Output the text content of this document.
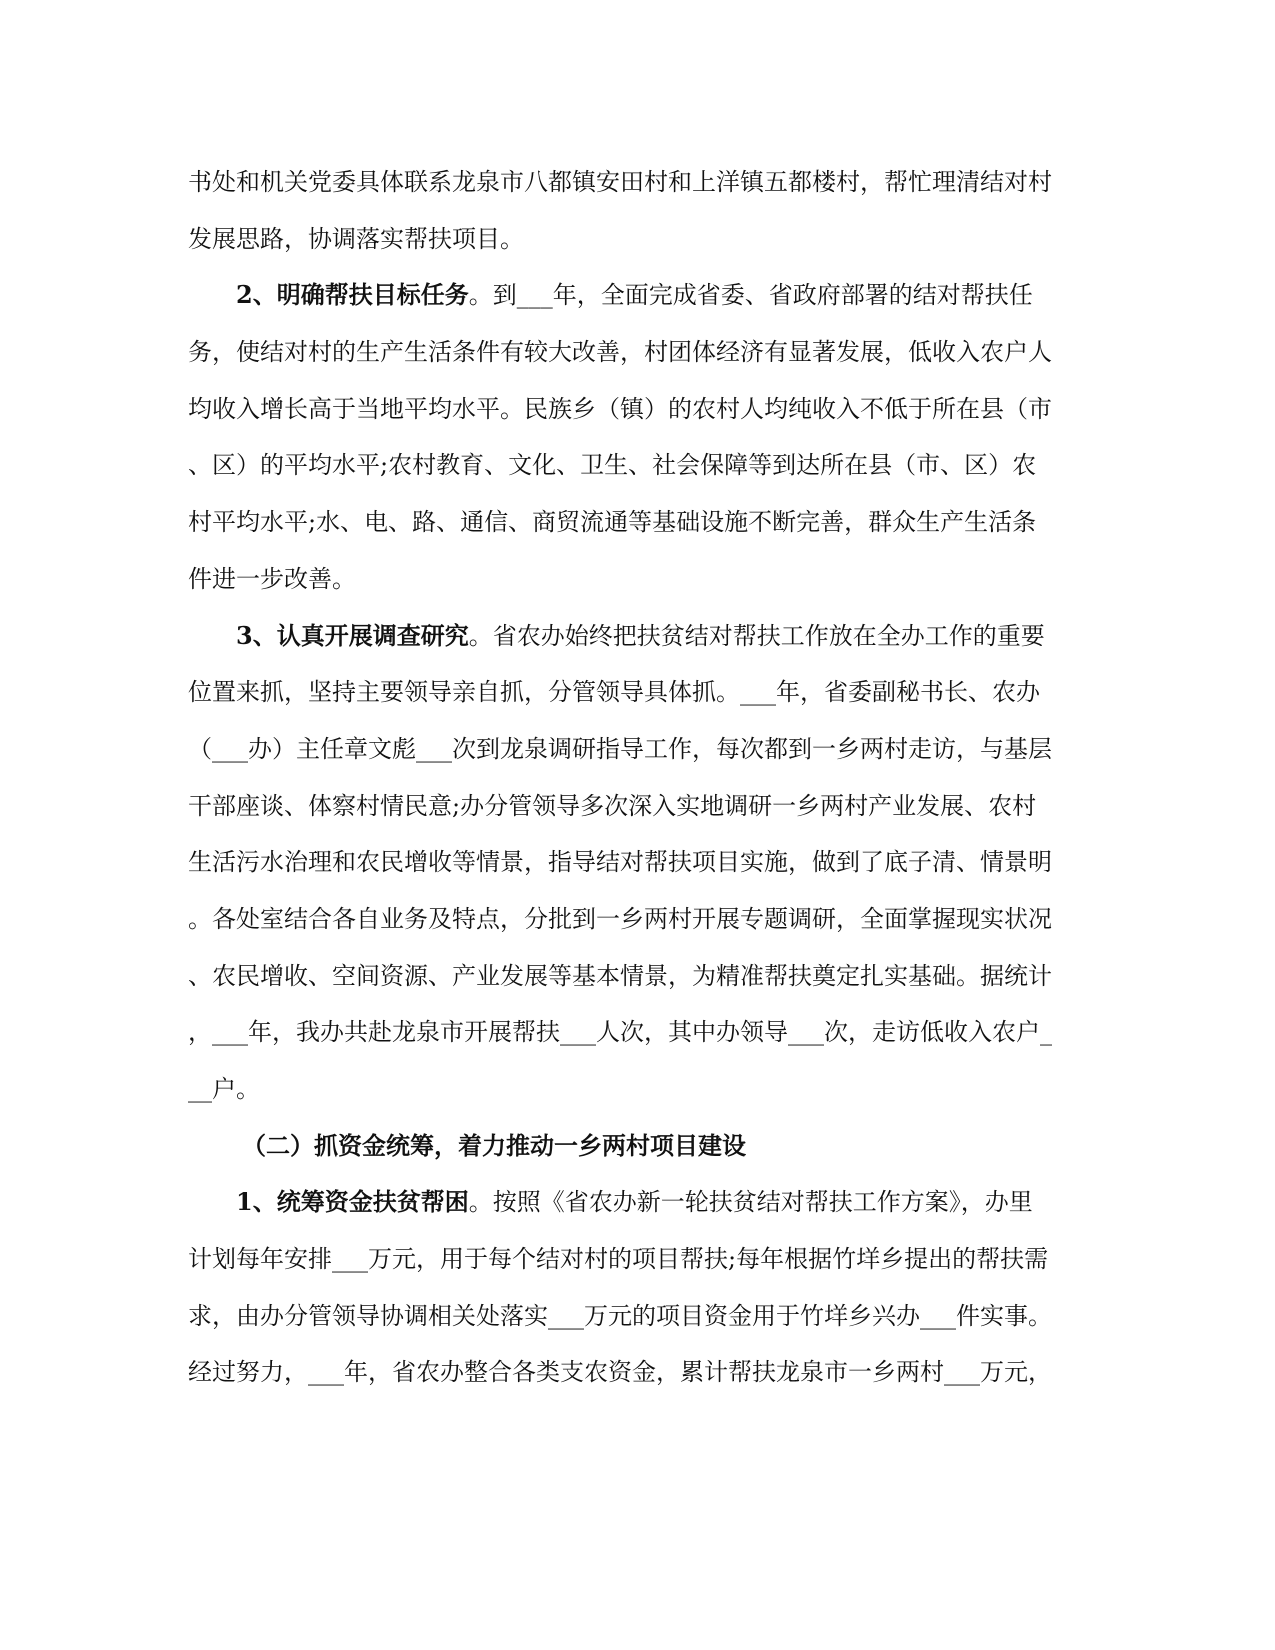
书处和机关党委具体联系龙泉市八都镇安田村和上洋镇五都楼村，帮忙理清结对村
发展思路，协调落实帮扶项目。
2、明确帮扶目标任务。到___年，全面完成省委、省政府部署的结对帮扶任
务，使结对村的生产生活条件有较大改善，村团体经济有显著发展，低收入农户人
均收入增长高于当地平均水平。民族乡（镇）的农村人均纯收入不低于所在县（市
、区）的平均水平;农村教育、文化、卫生、社会保障等到达所在县（市、区）农
村平均水平;水、电、路、通信、商贸流通等基础设施不断完善，群众生产生活条
件进一步改善。
3、认真开展调查研究。省农办始终把扶贫结对帮扶工作放在全办工作的重要
位置来抓，坚持主要领导亲自抓，分管领导具体抓。___年，省委副秘书长、农办
（___办）主任章文彪___次到龙泉调研指导工作，每次都到一乡两村走访，与基层
干部座谈、体察村情民意;办分管领导多次深入实地调研一乡两村产业发展、农村
生活污水治理和农民增收等情景，指导结对帮扶项目实施，做到了底子清、情景明
。各处室结合各自业务及特点，分批到一乡两村开展专题调研，全面掌握现实状况
、农民增收、空间资源、产业发展等基本情景，为精准帮扶奠定扎实基础。据统计
，___年，我办共赴龙泉市开展帮扶___人次，其中办领导___次，走访低收入农户_
__户。
（二）抓资金统筹，着力推动一乡两村项目建设
1、统筹资金扶贫帮困。按照《省农办新一轮扶贫结对帮扶工作方案》，办里
计划每年安排___万元，用于每个结对村的项目帮扶;每年根据竹垟乡提出的帮扶需
求，由办分管领导协调相关处落实___万元的项目资金用于竹垟乡兴办___件实事。
经过努力，___年，省农办整合各类支农资金，累计帮扶龙泉市一乡两村___万元，
